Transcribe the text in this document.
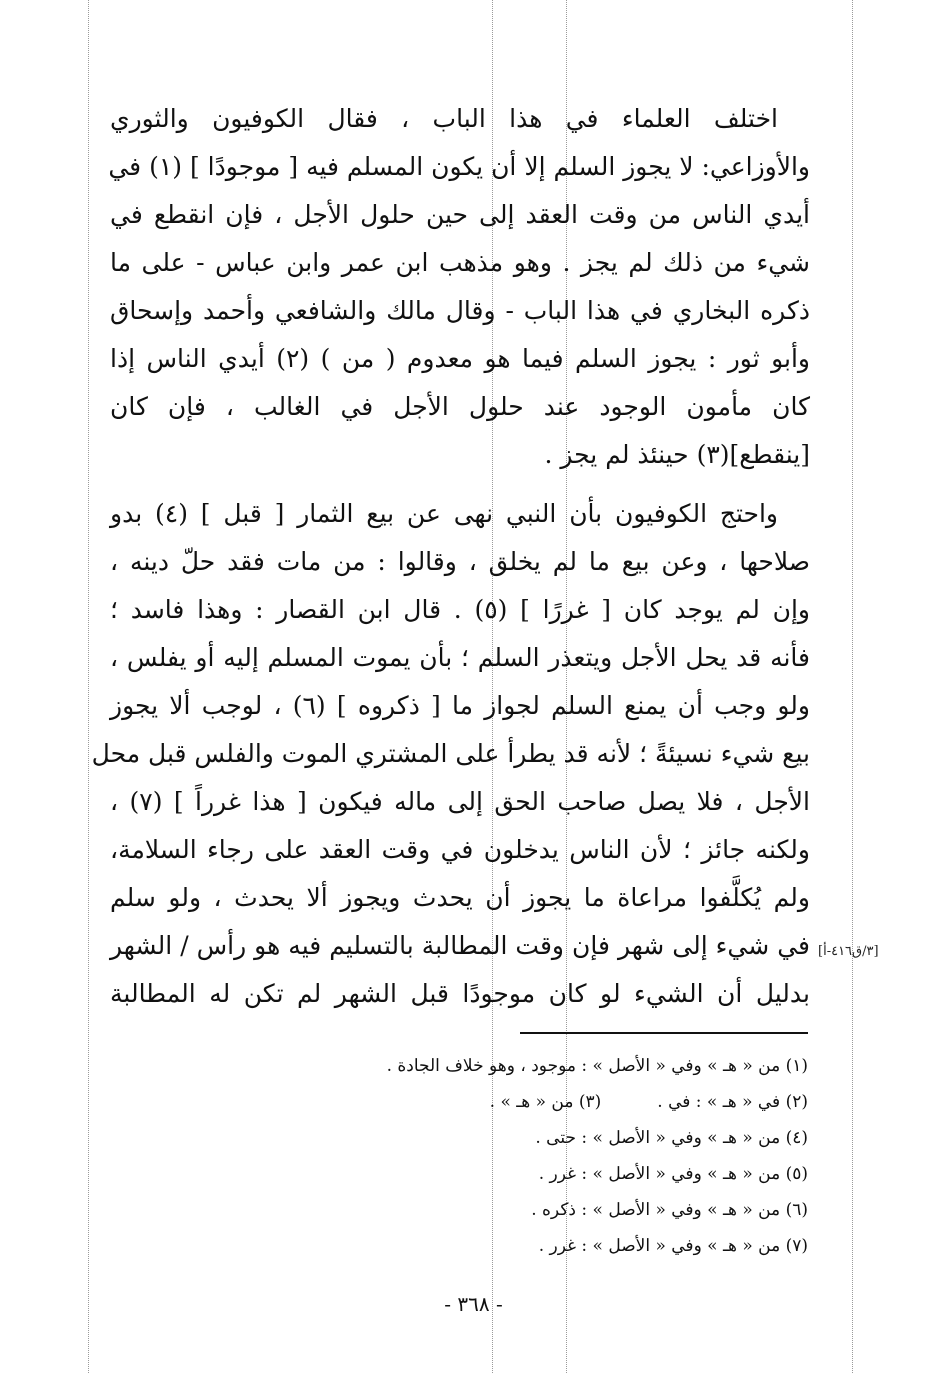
اختلف العلماء في هذا الباب ، فقال الكوفيون والثوري
والأوزاعي: لا يجوز السلم إلا أن يكون المسلم فيه [ موجودًا ] (١) في
أيدي الناس من وقت العقد إلى حين حلول الأجل ، فإن انقطع في
شيء من ذلك لم يجز . وهو مذهب ابن عمر وابن عباس - على ما
ذكره البخاري في هذا الباب - وقال مالك والشافعي وأحمد وإسحاق
وأبو ثور : يجوز السلم فيما هو معدوم ( من ) (٢) أيدي الناس إذا
كان مأمون الوجود عند حلول الأجل في الغالب ، فإن كان
[ينقطع](٣) حينئذ لم يجز .
واحتج الكوفيون بأن النبي نهى عن بيع الثمار [ قبل ] (٤) بدو
صلاحها ، وعن بيع ما لم يخلق ، وقالوا : من مات فقد حلّ دينه ،
وإن لم يوجد كان [ غررًا ] (٥) . قال ابن القصار : وهذا فاسد ؛
فأنه قد يحل الأجل ويتعذر السلم ؛ بأن يموت المسلم إليه أو يفلس ،
ولو وجب أن يمنع السلم لجواز ما [ ذكروه ] (٦) ، لوجب ألا يجوز
بيع شيء نسيئةً ؛ لأنه قد يطرأ على المشتري الموت والفلس قبل محل
الأجل ، فلا يصل صاحب الحق إلى ماله فيكون [ هذا غرراً ] (٧) ،
ولكنه جائز ؛ لأن الناس يدخلون في وقت العقد على رجاء السلامة،
ولم يُكلَّفوا مراعاة ما يجوز أن يحدث ويجوز ألا يحدث ، ولو سلم
في شيء إلى شهر فإن وقت المطالبة بالتسليم فيه هو رأس / الشهر
بدليل أن الشيء لو كان موجودًا قبل الشهر لم تكن له المطالبة
[٣/ق٤١٦-أ]
(١) من « هـ » وفي « الأصل » : موجود ، وهو خلاف الجادة .
(٢) في « هـ » : في .
(٣) من « هـ » .
(٤) من « هـ » وفي « الأصل » : حتى .
(٥) من « هـ » وفي « الأصل » : غرر .
(٦) من « هـ » وفي « الأصل » : ذكره .
(٧) من « هـ » وفي « الأصل » : غرر .
- ٣٦٨ -
